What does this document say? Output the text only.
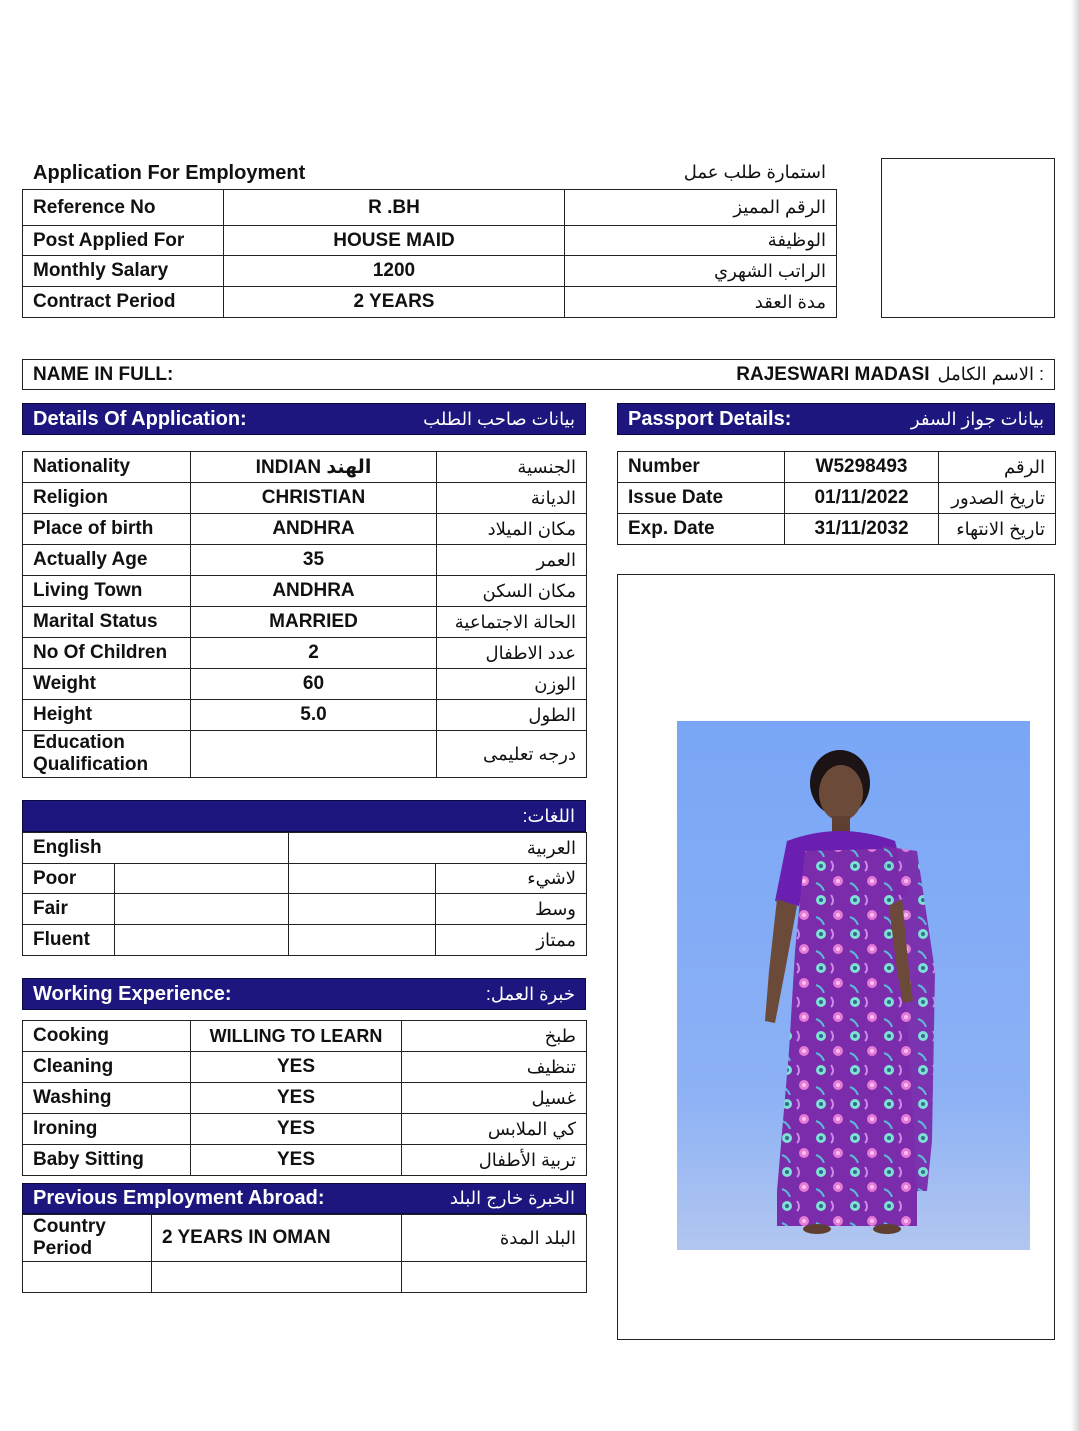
Application For Employment	استمارة طلب عمل
Reference No	R .BH	الرقم المميز
Post Applied For	HOUSE MAID	الوظيفة
Monthly Salary	1200	الراتب الشهري
Contract Period	2 YEARS	مدة العقد
NAME IN FULL:	RAJESWARI MADASI : الاسم الكامل
Details Of Application:	بيانات صاحب الطلب
Nationality	INDIAN الهند	الجنسية
Religion	CHRISTIAN	الديانة
Place of birth	ANDHRA	مكان الميلاد
Actually Age	35	العمر
Living Town	ANDHRA	مكان السكن
Marital Status	MARRIED	الحالة الاجتماعية
No Of Children	2	عدد الاطفال
Weight	60	الوزن
Height	5.0	الطول
Education Qualification		درجه تعليمى
اللغات:
English		العربية	
Poor			لاشيء
Fair			وسط
Fluent			ممتاز
Working Experience:	خبرة العمل:
Cooking	WILLING TO LEARN	طبخ
Cleaning	YES	تنظيف
Washing	YES	غسيل
Ironing	YES	كي الملابس
Baby Sitting	YES	تربية الأطفال
Previous Employment Abroad:	الخبرة خارج البلد
Country Period	2 YEARS IN OMAN	البلد المدة

Passport Details:	بيانات جواز السفر
Number	W5298493	الرقم
Issue Date	01/11/2022	تاريخ الصدور
Exp. Date	31/11/2032	تاريخ الانتهاء
